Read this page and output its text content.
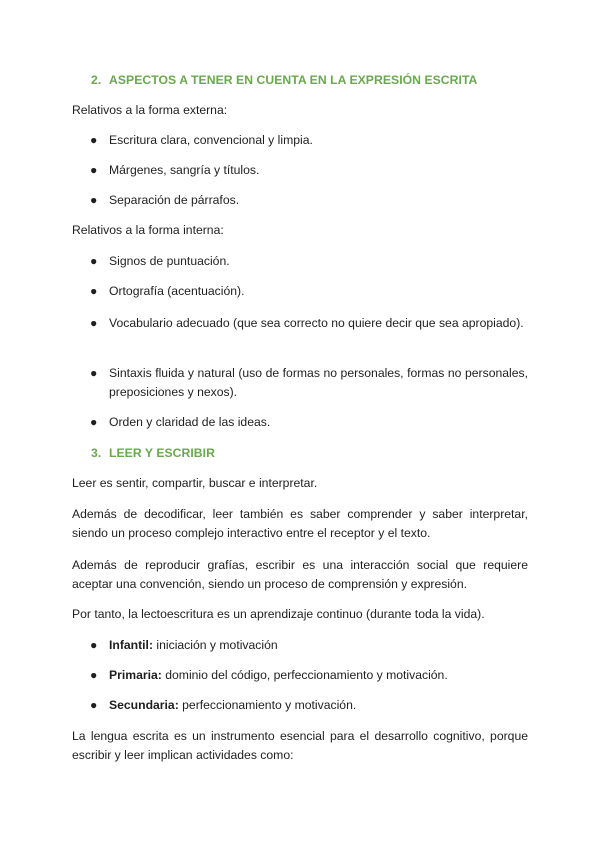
2. ASPECTOS A TENER EN CUENTA EN LA EXPRESIÓN ESCRITA

Relativos a la forma externa:

● Escritura clara, convencional y limpia.
● Márgenes, sangría y títulos.
● Separación de párrafos.

Relativos a la forma interna:

● Signos de puntuación.
● Ortografía (acentuación).
● Vocabulario adecuado (que sea correcto no quiere decir que sea apropiado).
● Sintaxis fluida y natural (uso de formas no personales, formas no personales, preposiciones y nexos).
● Orden y claridad de las ideas.
3. LEER Y ESCRIBIR

Leer es sentir, compartir, buscar e interpretar.

Además de decodificar, leer también es saber comprender y saber interpretar, siendo un proceso complejo interactivo entre el receptor y el texto.

Además de reproducir grafías, escribir es una interacción social que requiere aceptar una convención, siendo un proceso de comprensión y expresión.

Por tanto, la lectoescritura es un aprendizaje continuo (durante toda la vida).

● Infantil: iniciación y motivación
● Primaria: dominio del código, perfeccionamiento y motivación.
● Secundaria: perfeccionamiento y motivación.

La lengua escrita es un instrumento esencial para el desarrollo cognitivo, porque escribir y leer implican actividades como:
